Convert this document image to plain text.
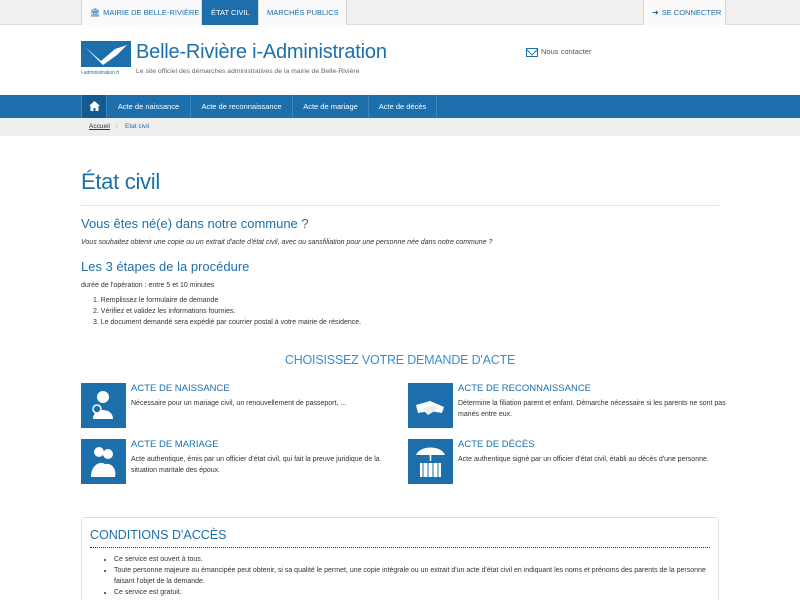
🏛 MAIRIE DE BELLE-RIVIÈRE	ÉTAT CIVIL	MARCHÉS PUBLICS	➜ SE CONNECTER
i-administration.fr
Belle-Rivière i-Administration
Le site officiel des démarches administratives de la mairie de Belle-Rivière
Nous contacter
Acte de naissance	Acte de reconnaissance	Acte de mariage	Acte de décès
Accueil / Etat civil
État civil
Vous êtes né(e) dans notre commune ?
Vous souhaitez obtenir une copie ou un extrait d'acte d'état civil, avec ou sansfiliation pour une personne née dans notre commune ?
Les 3 étapes de la procédure
durée de l'opération : entre 5 et 10 minutes
1. Remplissez le formulaire de demande
2. Vérifiez et validez les informations fournies.
3. Le document demandé sera expédié par courrier postal à votre mairie de résidence.
CHOISISSEZ VOTRE DEMANDE D'ACTE
ACTE DE NAISSANCE
Nécessaire pour un mariage civil, un renouvellement de passeport, ...
ACTE DE RECONNAISSANCE
Détermine la filiation parent et enfant. Démarche nécessaire si les parents ne sont pas mariés entre eux.
ACTE DE MARIAGE
Acte authentique, émis par un officier d'état civil, qui fait la preuve juridique de la situation maritale des époux.
ACTE DE DÉCÈS
Acte authentique signé par un officier d'état civil, établi au décès d'une personne.
CONDITIONS D'ACCÈS
• Ce service est ouvert à tous.
• Toute personne majeure ou émancipée peut obtenir, si sa qualité le permet, une copie intégrale ou un extrait d'un acte d'état civil en indiquant les noms et prénoms des parents de la personne faisant l'objet de la demande.
• Ce service est gratuit.
